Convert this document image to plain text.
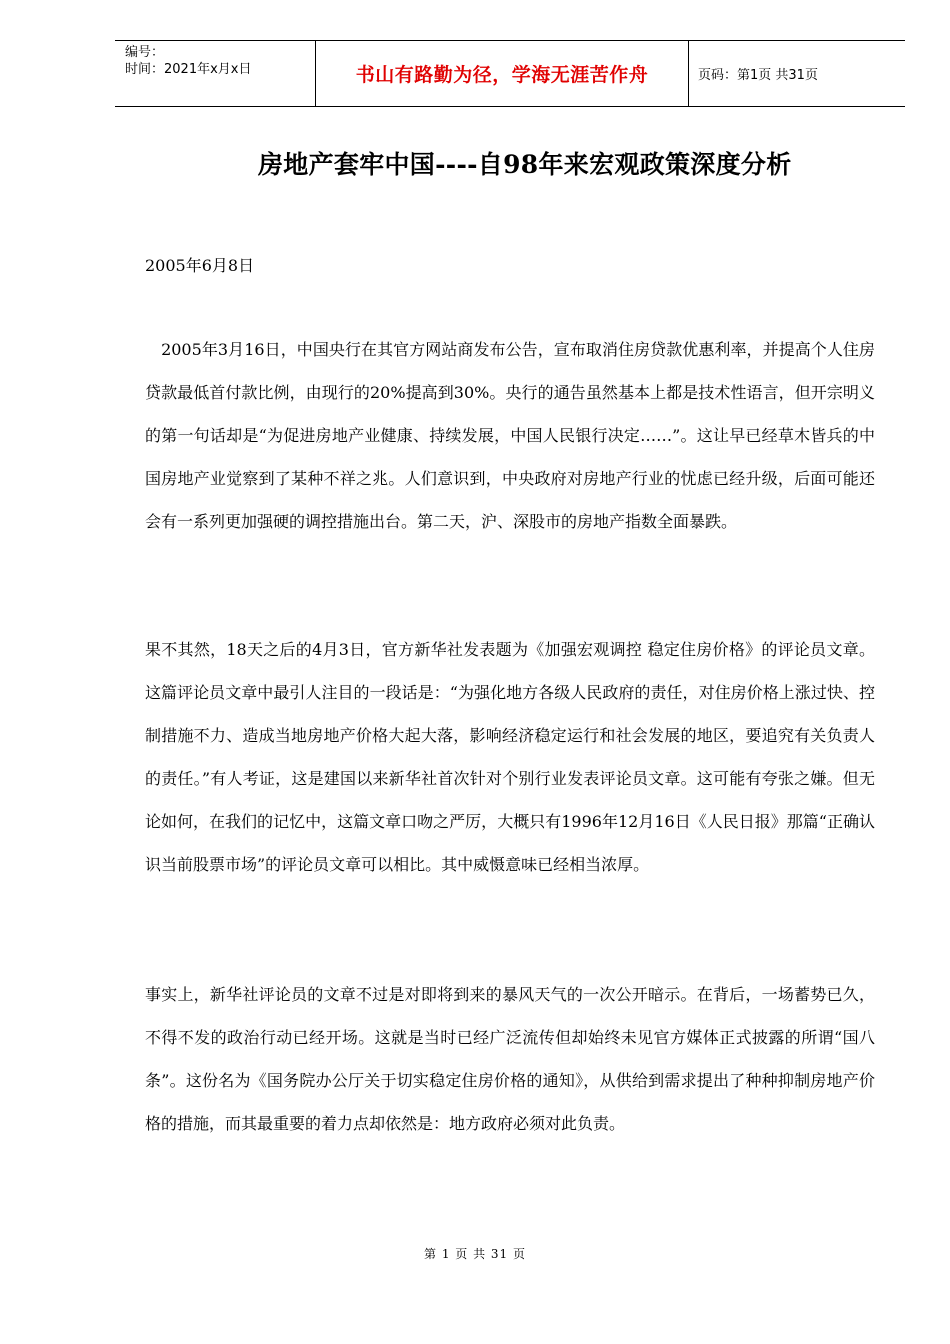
编号：
时间：2021年x月x日	书山有路勤为径，学海无涯苦作舟	页码：第1页 共31页
房地产套牢中国----自98年来宏观政策深度分析
2005年6月8日

　2005年3月16日，中国央行在其官方网站商发布公告，宣布取消住房贷款优惠利率，并提高个人住房贷款最低首付款比例，由现行的20%提高到30%。央行的通告虽然基本上都是技术性语言，但开宗明义的第一句话却是“为促进房地产业健康、持续发展，中国人民银行决定……”。这让早已经草木皆兵的中国房地产业觉察到了某种不祥之兆。人们意识到，中央政府对房地产行业的忧虑已经升级，后面可能还会有一系列更加强硬的调控措施出台。第二天，沪、深股市的房地产指数全面暴跌。

果不其然，18天之后的4月3日，官方新华社发表题为《加强宏观调控 稳定住房价格》的评论员文章。这篇评论员文章中最引人注目的一段话是：“为强化地方各级人民政府的责任，对住房价格上涨过快、控制措施不力、造成当地房地产价格大起大落，影响经济稳定运行和社会发展的地区，要追究有关负责人的责任。”有人考证，这是建国以来新华社首次针对个别行业发表评论员文章。这可能有夸张之嫌。但无论如何，在我们的记忆中，这篇文章口吻之严厉，大概只有1996年12月16日《人民日报》那篇“正确认识当前股票市场”的评论员文章可以相比。其中威慑意味已经相当浓厚。

事实上，新华社评论员的文章不过是对即将到来的暴风天气的一次公开暗示。在背后，一场蓄势已久，不得不发的政治行动已经开场。这就是当时已经广泛流传但却始终未见官方媒体正式披露的所谓“国八条”。这份名为《国务院办公厅关于切实稳定住房价格的通知》，从供给到需求提出了种种抑制房地产价格的措施，而其最重要的着力点却依然是：地方政府必须对此负责。

第 1 页 共 31 页
